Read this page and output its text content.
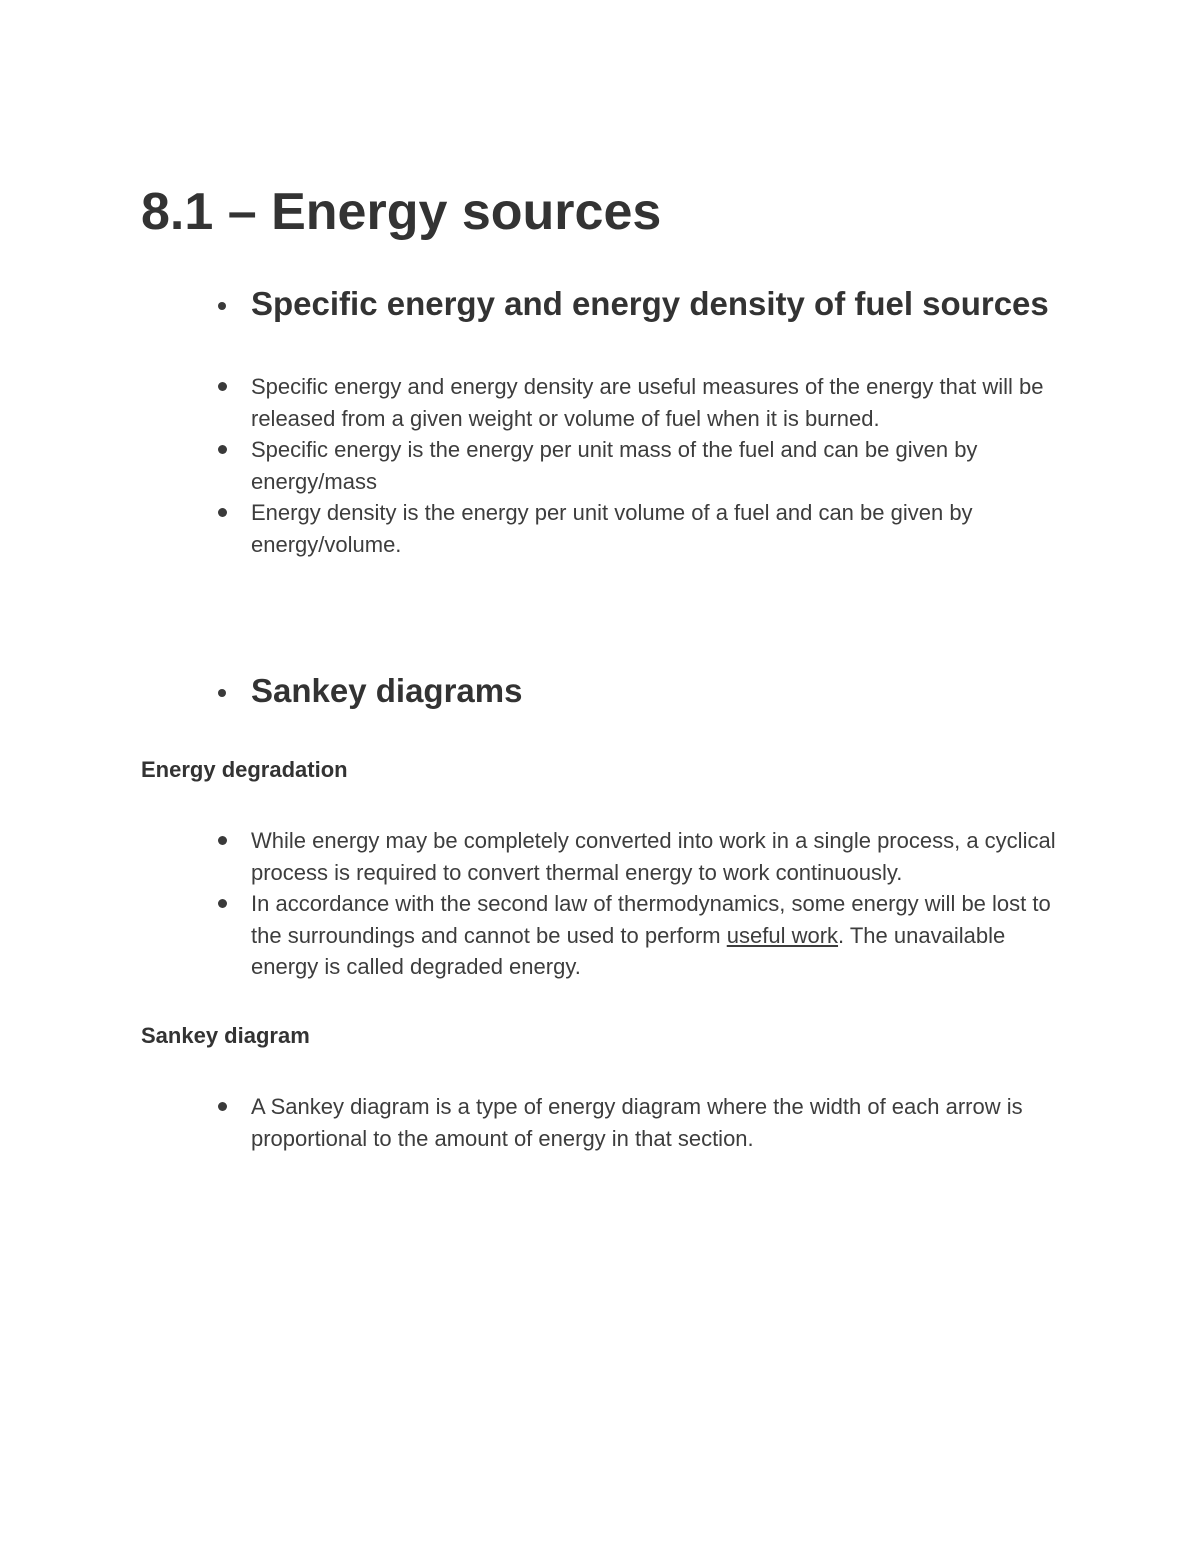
8.1 – Energy sources
Specific energy and energy density of fuel sources
Specific energy and energy density are useful measures of the energy that will be released from a given weight or volume of fuel when it is burned.
Specific energy is the energy per unit mass of the fuel and can be given by energy/mass
Energy density is the energy per unit volume of a fuel and can be given by energy/volume.
Sankey diagrams
Energy degradation
While energy may be completely converted into work in a single process, a cyclical process is required to convert thermal energy to work continuously.
In accordance with the second law of thermodynamics, some energy will be lost to the surroundings and cannot be used to perform useful work. The unavailable energy is called degraded energy.
Sankey diagram
A Sankey diagram is a type of energy diagram where the width of each arrow is proportional to the amount of energy in that section.
